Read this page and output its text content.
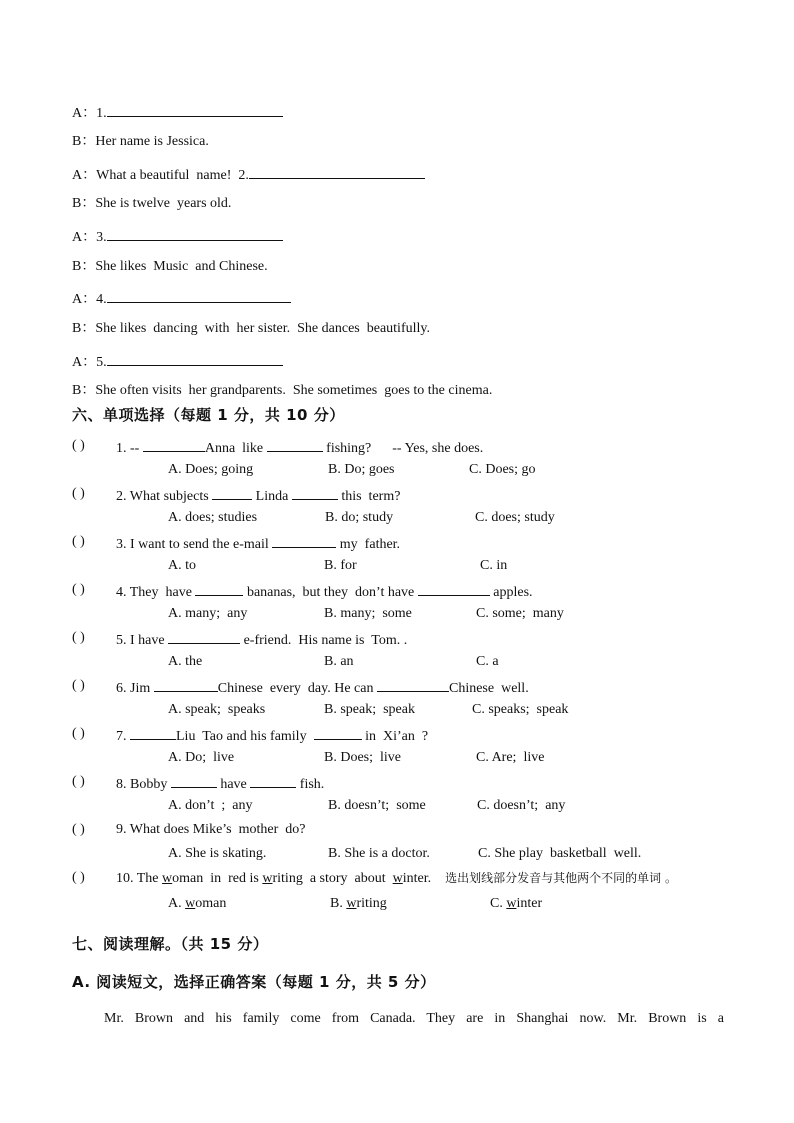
A：1.
B：Her name is Jessica.
A：What a beautiful  name!  2.
B：She is twelve  years old.
A：3.
B：She likes  Music  and Chinese.
A：4.
B：She likes  dancing  with  her sister.  She dances  beautifully.
A：5.
B：She often visits  her grandparents.  She sometimes  goes to the cinema.
六、单项选择（每题 1 分，共 10 分）
( ) 1. --	Anna  like	fishing?      -- Yes, she does.
A. Does; going	B. Do; goes	C. Does; go
( ) 2. What subjects	Linda	this  term?
A. does; studies	B. do; study	C. does; study
( ) 3. I want to send the e-mail	my  father.
A. to	B. for	C. in
( ) 4. They  have	bananas,  but they  don’t have	apples.
A. many;  any	B. many;  some	C. some;  many
( ) 5. I have	e-friend.  His name is  Tom. .
A. the	B. an	C. a
( ) 6. Jim	Chinese  every  day. He can	Chinese  well.
A. speak;  speaks	B. speak;  speak	C. speaks;  speak
( ) 7.	Liu  Tao and his family	in  Xi’an  ?
A. Do;  live	B. Does;  live	C. Are;  live
( ) 8. Bobby	have	fish.
A. don’t  ;  any	B. doesn’t;  some	C. doesn’t;  any
( ) 9. What does Mike’s  mother  do?
A. She is skating.	B. She is a doctor.	C. She play  basketball  well.
( ) 10. The woman  in  red is writing  a story  about  winter. 选出划线部分发音与其他两个不同的单词 。
A. woman	B. writing	C. winter
七、阅读理解。（共 15 分）
A. 阅读短文，选择正确答案（每题 1 分，共 5 分）
Mr. Brown and his family come from Canada. They are in Shanghai now. Mr. Brown is a
